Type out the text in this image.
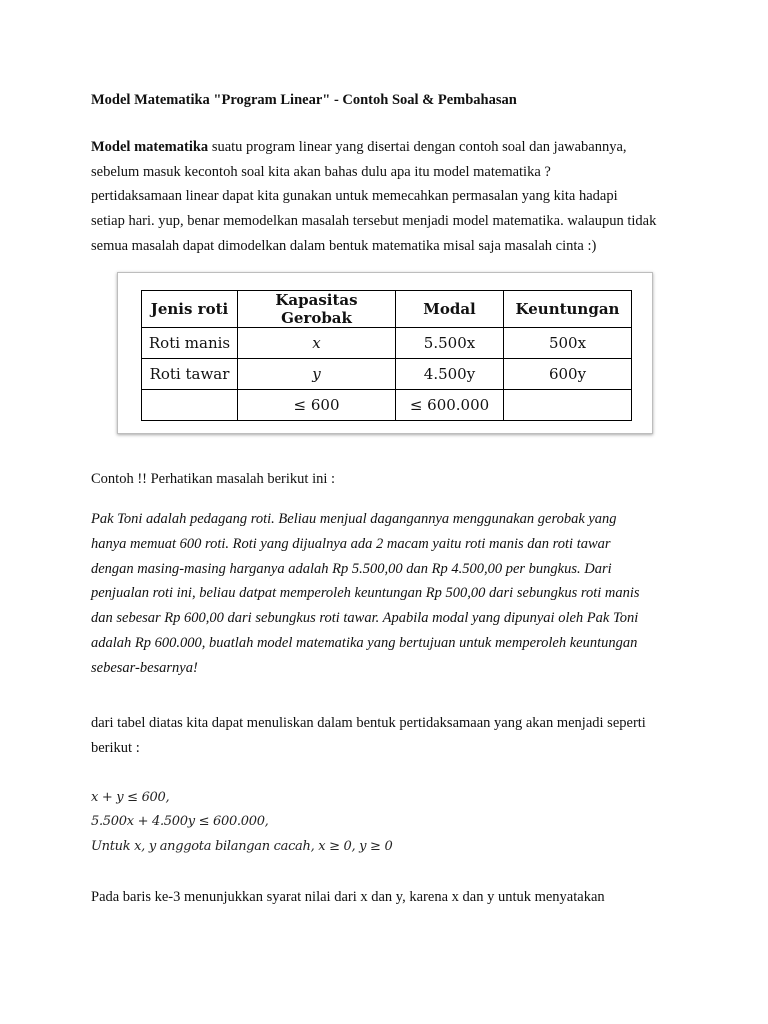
Model Matematika "Program Linear" - Contoh Soal & Pembahasan

Model matematika suatu program linear yang disertai dengan contoh soal dan jawabannya,
sebelum masuk kecontoh soal kita akan bahas dulu apa itu model matematika ?
pertidaksamaan linear dapat kita gunakan untuk memecahkan permasalan yang kita hadapi
setiap hari. yup, benar memodelkan masalah tersebut menjadi model matematika. walaupun tidak
semua masalah dapat dimodelkan dalam bentuk matematika misal saja masalah cinta :)

Jenis roti	Kapasitas Gerobak	Modal	Keuntungan
Roti manis	x	5.500x	500x
Roti tawar	y	4.500y	600y
	≤ 600	≤ 600.000	

Contoh !! Perhatikan masalah berikut ini :

Pak Toni adalah pedagang roti. Beliau menjual dagangannya menggunakan gerobak yang
hanya memuat 600 roti. Roti yang dijualnya ada 2 macam yaitu roti manis dan roti tawar
dengan masing-masing harganya adalah Rp 5.500,00 dan Rp 4.500,00 per bungkus. Dari
penjualan roti ini, beliau datpat memperoleh keuntungan Rp 500,00 dari sebungkus roti manis
dan sebesar Rp 600,00 dari sebungkus roti tawar. Apabila modal yang dipunyai oleh Pak Toni
adalah Rp 600.000, buatlah model matematika yang bertujuan untuk memperoleh keuntungan
sebesar-besarnya!

dari tabel diatas kita dapat menuliskan dalam bentuk pertidaksamaan yang akan menjadi seperti
berikut :

x + y ≤ 600,

5.500x + 4.500y ≤ 600.000,

Untuk x, y anggota bilangan cacah, x ≥ 0, y ≥ 0

Pada baris ke-3 menunjukkan syarat nilai dari x dan y, karena x dan y untuk menyatakan
